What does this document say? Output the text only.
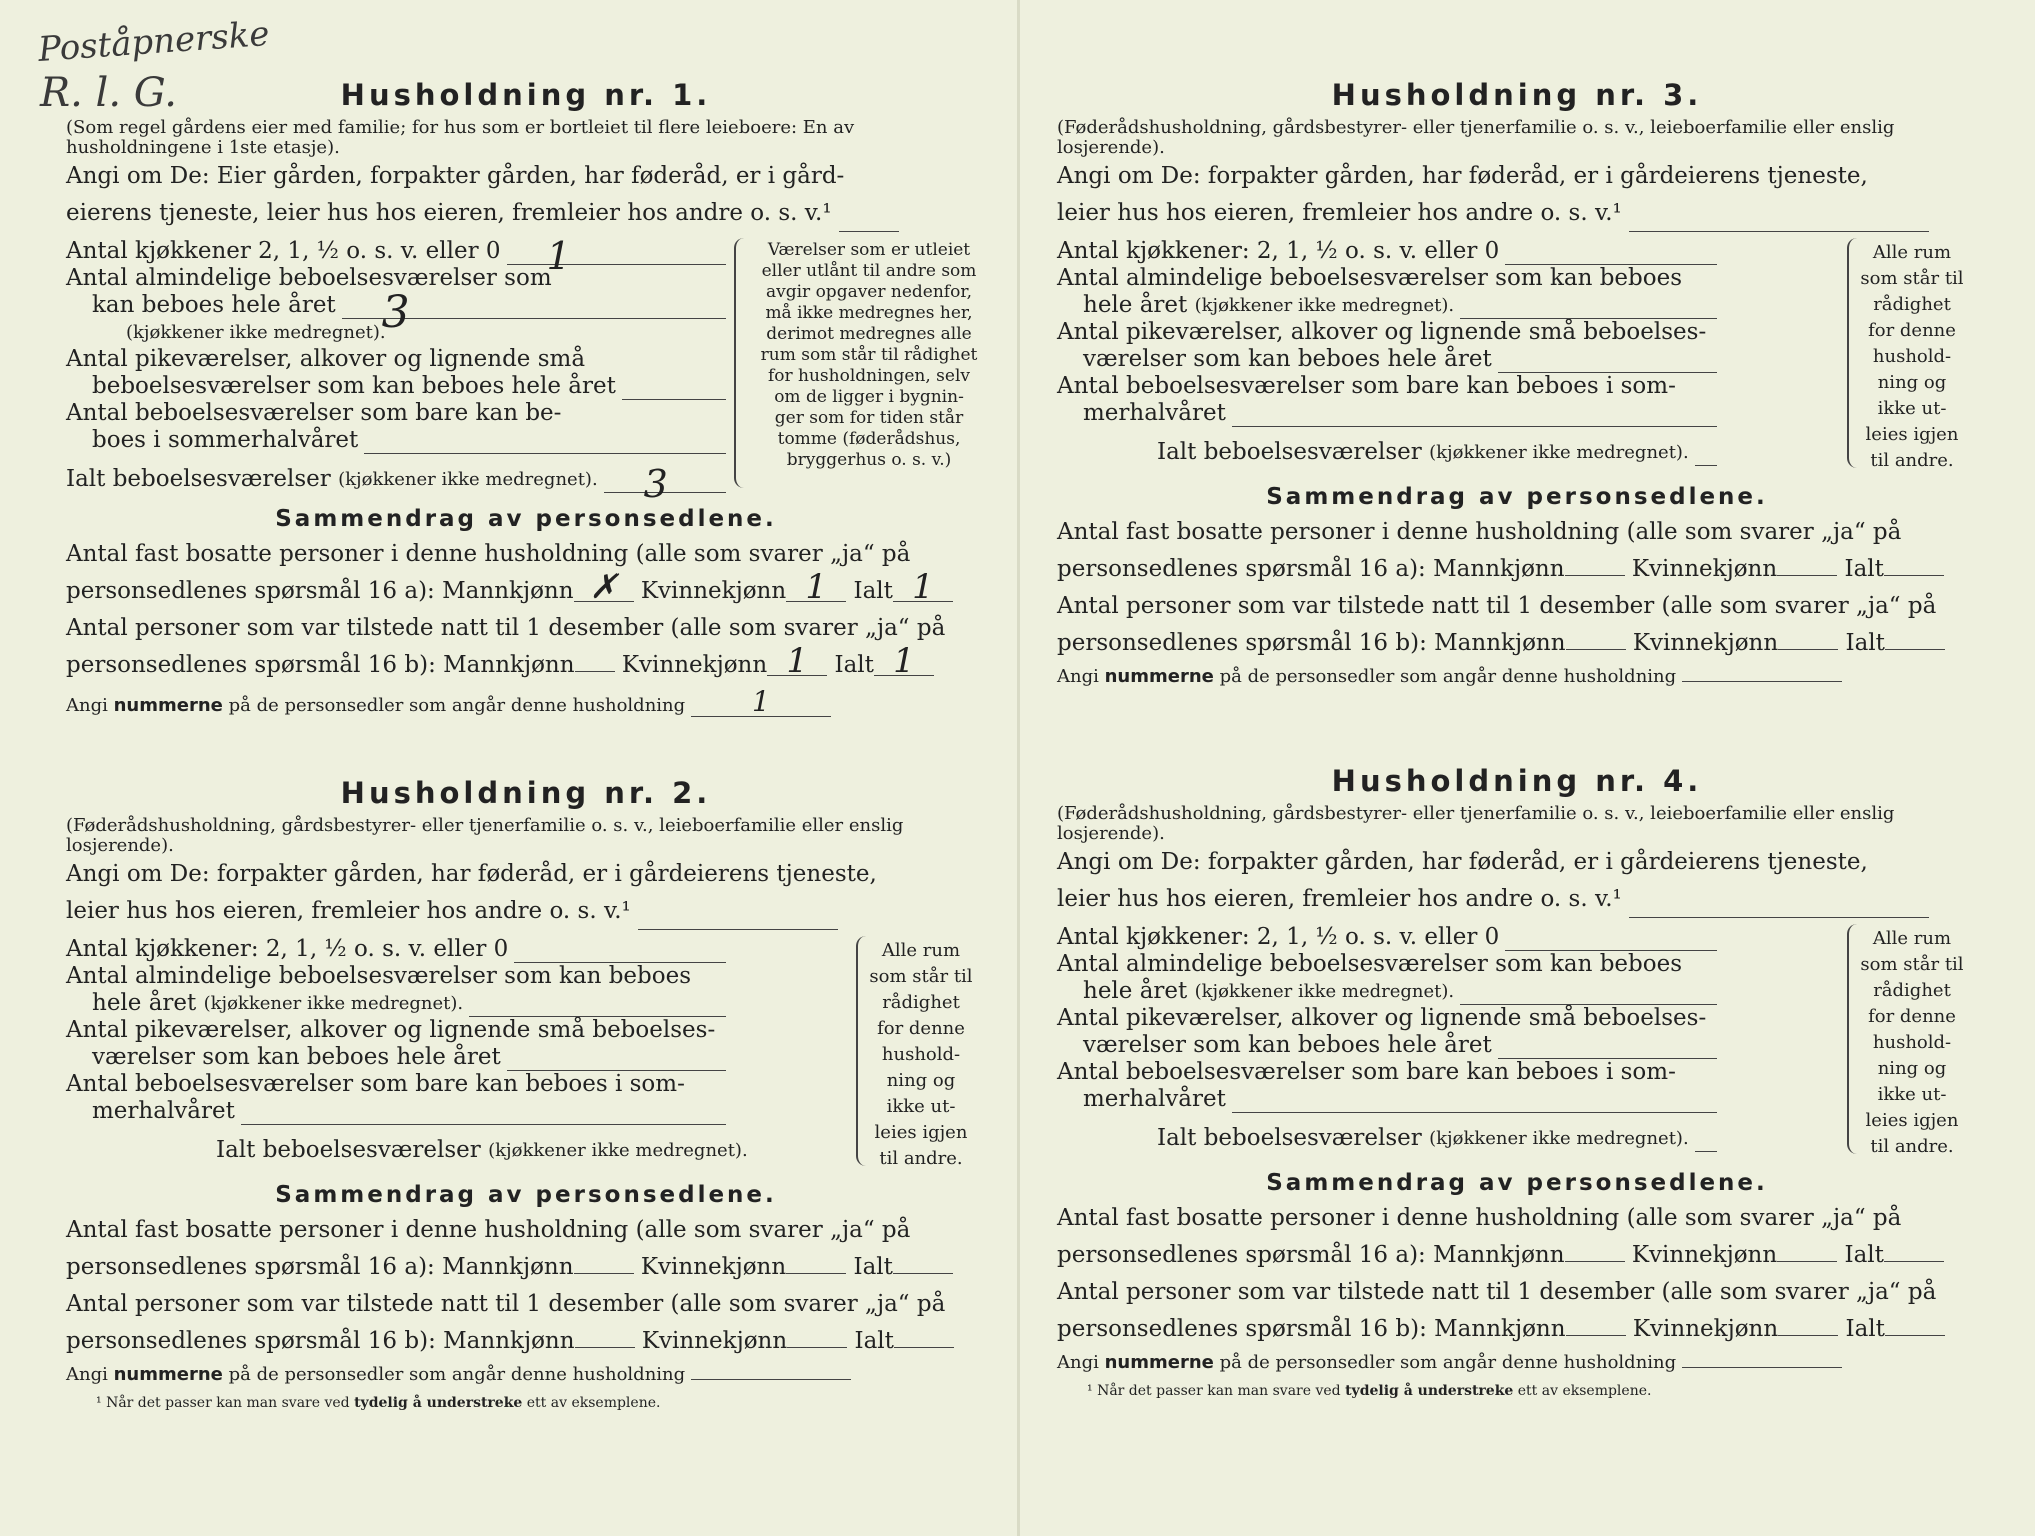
Poståpnerske
R. l. G.	Husholdning nr. 1.

(Som regel gårdens eier med familie; for hus som er bortleiet til flere leieboere: En av husholdningene i 1ste etasje).

Angi om De: Eier gården, forpakter gården, har føderåd, er i gård-

eierens tjeneste, leier hus hos eieren, fremleier hos andre o. s. v.¹

Antal kjøkkener 2, 1, ½ o. s. v. eller 0 1
Antal almindelige beboelsesværelser som
kan beboes hele året 3
(kjøkkener ikke medregnet).
Antal pikeværelser, alkover og lignende små
beboelsesværelser som kan beboes hele året
Antal beboelsesværelser som bare kan be-
boes i sommerhalvåret
Ialt beboelsesværelser
(kjøkkener ikke medregnet). 3
Værelser som er utleiet
eller utlånt til andre som
avgir opgaver nedenfor,
må ikke medregnes her,
derimot medregnes alle
rum som står til rådighet
for husholdningen, selv
om de ligger i bygnin-
ger som for tiden står
tomme (føderådshus,
bryggerhus o. s. v.)
Sammendrag av personsedlene.

Antal fast bosatte personer i denne husholdning (alle som svarer „ja“ på

personsedlenes spørsmål 16 a): Mannkjønn ✗ Kvinnekjønn 1 Ialt 1

Antal personer som var tilstede natt til 1 desember (alle som svarer „ja“ på

personsedlenes spørsmål 16 b): Mannkjønn Kvinnekjønn 1 Ialt 1

Angi nummerne på de personsedler som angår denne husholdning 1

Husholdning nr. 2.

(Føderådshusholdning, gårdsbestyrer- eller tjenerfamilie o. s. v., leieboerfamilie eller enslig losjerende).

Angi om De: forpakter gården, har føderåd, er i gårdeierens tjeneste,

leier hus hos eieren, fremleier hos andre o. s. v.¹

Antal kjøkkener: 2, 1, ½ o. s. v. eller 0
Antal almindelige beboelsesværelser som kan beboes
hele året
(kjøkkener ikke medregnet).
Antal pikeværelser, alkover og lignende små beboelses-
værelser som kan beboes hele året
Antal beboelsesværelser som bare kan beboes i som-
merhalvåret
Ialt beboelsesværelser
(kjøkkener ikke medregnet).
Alle rum
som står til
rådighet
for denne
hushold-
ning og
ikke ut-
leies igjen
til andre.
Sammendrag av personsedlene.

Antal fast bosatte personer i denne husholdning (alle som svarer „ja“ på

personsedlenes spørsmål 16 a): Mannkjønn	Kvinnekjønn	Ialt

Antal personer som var tilstede natt til 1 desember (alle som svarer „ja“ på

personsedlenes spørsmål 16 b): Mannkjønn	Kvinnekjønn	Ialt

Angi nummerne på de personsedler som angår denne husholdning

¹ Når det passer kan man svare ved tydelig å understreke ett av eksemplene.

Husholdning nr. 3.

(Føderådshusholdning, gårdsbestyrer- eller tjenerfamilie o. s. v., leieboerfamilie eller enslig losjerende).

Angi om De: forpakter gården, har føderåd, er i gårdeierens tjeneste,

leier hus hos eieren, fremleier hos andre o. s. v.¹

Antal kjøkkener: 2, 1, ½ o. s. v. eller 0
Antal almindelige beboelsesværelser som kan beboes
hele året
(kjøkkener ikke medregnet).
Antal pikeværelser, alkover og lignende små beboelses-
værelser som kan beboes hele året
Antal beboelsesværelser som bare kan beboes i som-
merhalvåret
Ialt beboelsesværelser
(kjøkkener ikke medregnet).
Alle rum
som står til
rådighet
for denne
hushold-
ning og
ikke ut-
leies igjen
til andre.
Sammendrag av personsedlene.

Antal fast bosatte personer i denne husholdning (alle som svarer „ja“ på

personsedlenes spørsmål 16 a): Mannkjønn	Kvinnekjønn	Ialt

Antal personer som var tilstede natt til 1 desember (alle som svarer „ja“ på

personsedlenes spørsmål 16 b): Mannkjønn	Kvinnekjønn	Ialt

Angi nummerne på de personsedler som angår denne husholdning

Husholdning nr. 4.

(Føderådshusholdning, gårdsbestyrer- eller tjenerfamilie o. s. v., leieboerfamilie eller enslig losjerende).

Angi om De: forpakter gården, har føderåd, er i gårdeierens tjeneste,

leier hus hos eieren, fremleier hos andre o. s. v.¹

Antal kjøkkener: 2, 1, ½ o. s. v. eller 0
Antal almindelige beboelsesværelser som kan beboes
hele året
(kjøkkener ikke medregnet).
Antal pikeværelser, alkover og lignende små beboelses-
værelser som kan beboes hele året
Antal beboelsesværelser som bare kan beboes i som-
merhalvåret
Ialt beboelsesværelser
(kjøkkener ikke medregnet).
Alle rum
som står til
rådighet
for denne
hushold-
ning og
ikke ut-
leies igjen
til andre.
Sammendrag av personsedlene.

Antal fast bosatte personer i denne husholdning (alle som svarer „ja“ på

personsedlenes spørsmål 16 a): Mannkjønn	Kvinnekjønn	Ialt

Antal personer som var tilstede natt til 1 desember (alle som svarer „ja“ på

personsedlenes spørsmål 16 b): Mannkjønn	Kvinnekjønn	Ialt

Angi nummerne på de personsedler som angår denne husholdning

¹ Når det passer kan man svare ved tydelig å understreke ett av eksemplene.
